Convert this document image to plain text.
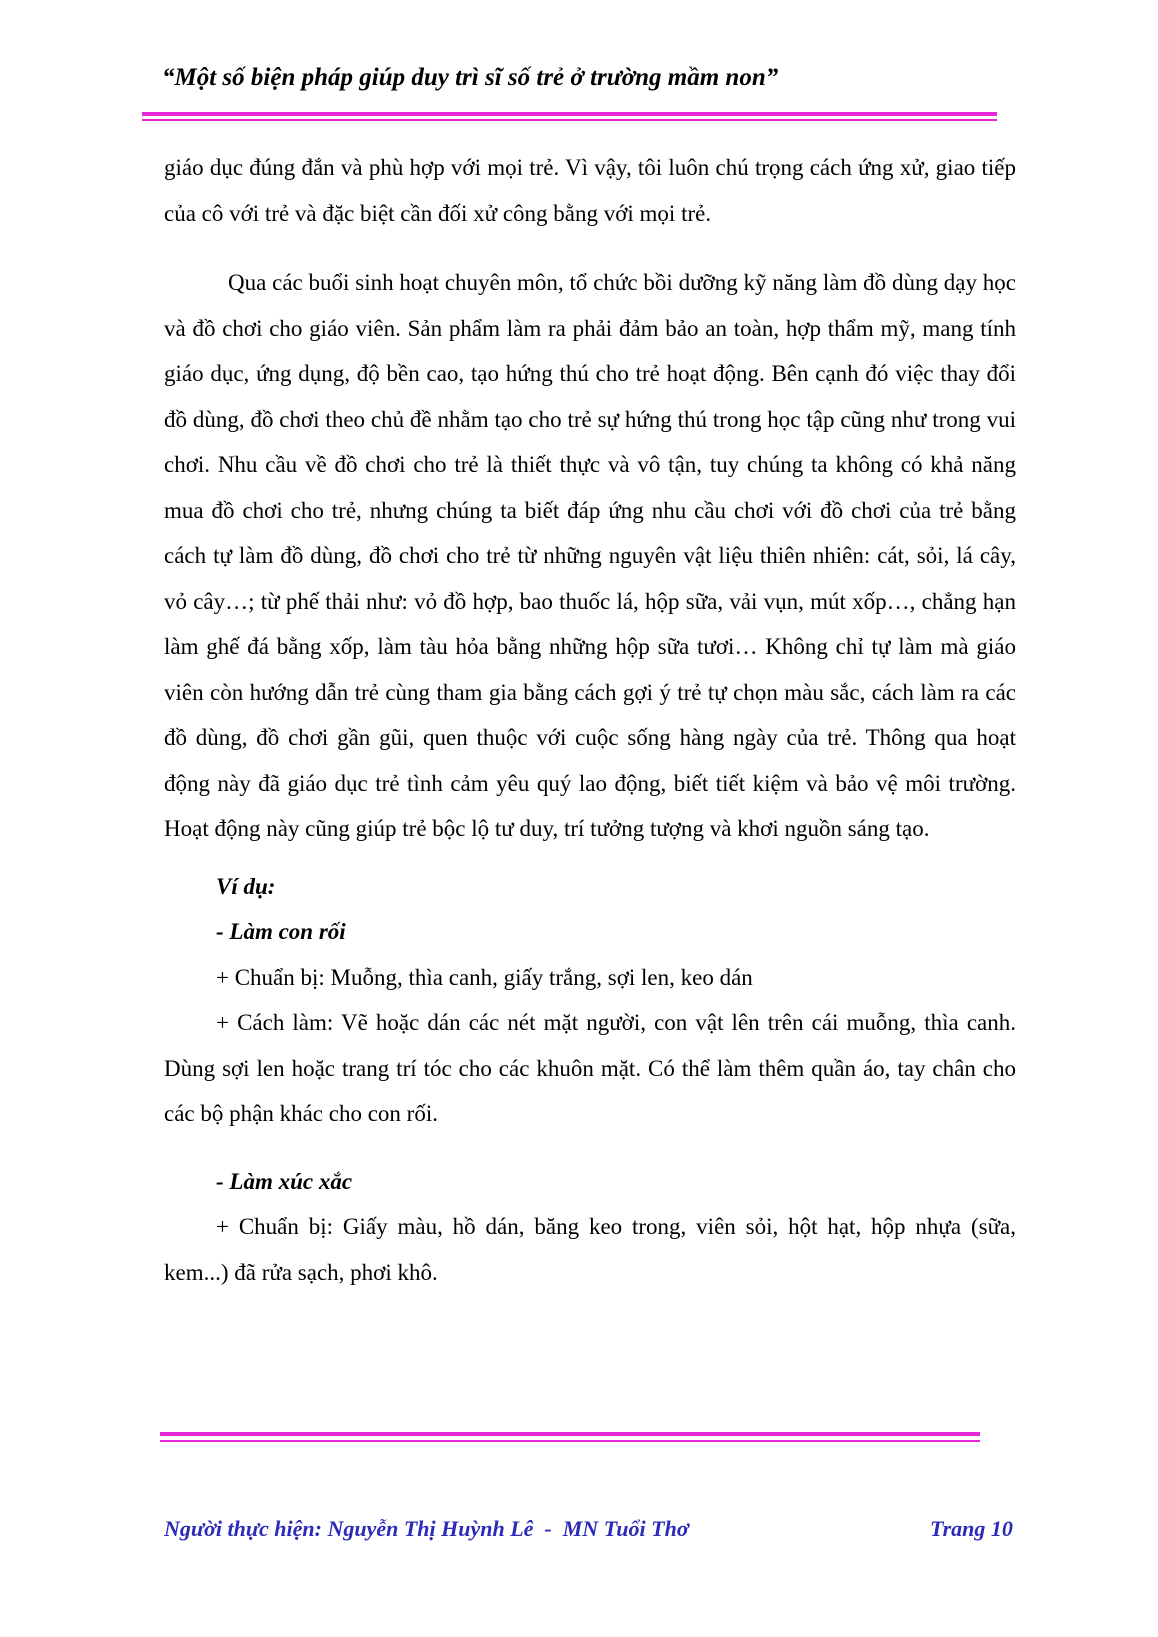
“Một số biện pháp giúp duy trì sĩ số trẻ ở trường mầm non”

giáo dục đúng đắn và phù hợp với mọi trẻ. Vì vậy, tôi luôn chú trọng cách ứng xử, giao tiếp của cô với trẻ và đặc biệt cần đối xử công bằng với mọi trẻ.

Qua các buổi sinh hoạt chuyên môn, tổ chức bồi dưỡng kỹ năng làm đồ dùng dạy học và đồ chơi cho giáo viên. Sản phẩm làm ra phải đảm bảo an toàn, hợp thẩm mỹ, mang tính giáo dục, ứng dụng, độ bền cao, tạo hứng thú cho trẻ hoạt động. Bên cạnh đó việc thay đổi đồ dùng, đồ chơi theo chủ đề nhằm tạo cho trẻ sự hứng thú trong học tập cũng như trong vui chơi. Nhu cầu về đồ chơi cho trẻ là thiết thực và vô tận, tuy chúng ta không có khả năng mua đồ chơi cho trẻ, nhưng chúng ta biết đáp ứng nhu cầu chơi với đồ chơi của trẻ bằng cách tự làm đồ dùng, đồ chơi cho trẻ từ những nguyên vật liệu thiên nhiên: cát, sỏi, lá cây, vỏ cây…; từ phế thải như: vỏ đồ hợp, bao thuốc lá, hộp sữa, vải vụn, mút xốp…, chẳng hạn làm ghế đá bằng xốp, làm tàu hỏa bằng những hộp sữa tươi… Không chỉ tự làm mà giáo viên còn hướng dẫn trẻ cùng tham gia bằng cách gợi ý trẻ tự chọn màu sắc, cách làm ra các đồ dùng, đồ chơi gần gũi, quen thuộc với cuộc sống hàng ngày của trẻ. Thông qua hoạt động này đã giáo dục trẻ tình cảm yêu quý lao động, biết tiết kiệm và bảo vệ môi trường. Hoạt động này cũng giúp trẻ bộc lộ tư duy, trí tưởng tượng và khơi nguồn sáng tạo.

Ví dụ:

- Làm con rối

+ Chuẩn bị: Muỗng, thìa canh, giấy trắng, sợi len, keo dán

+ Cách làm: Vẽ hoặc dán các nét mặt người, con vật lên trên cái muỗng, thìa canh. Dùng sợi len hoặc trang trí tóc cho các khuôn mặt. Có thể làm thêm quần áo, tay chân cho các bộ phận khác cho con rối.

- Làm xúc xắc

+ Chuẩn bị: Giấy màu, hồ dán, băng keo trong, viên sỏi, hột hạt, hộp nhựa (sữa, kem...) đã rửa sạch, phơi khô.

Người thực hiện: Nguyễn Thị Huỳnh Lê  -  MN Tuổi Thơ	Trang 10
